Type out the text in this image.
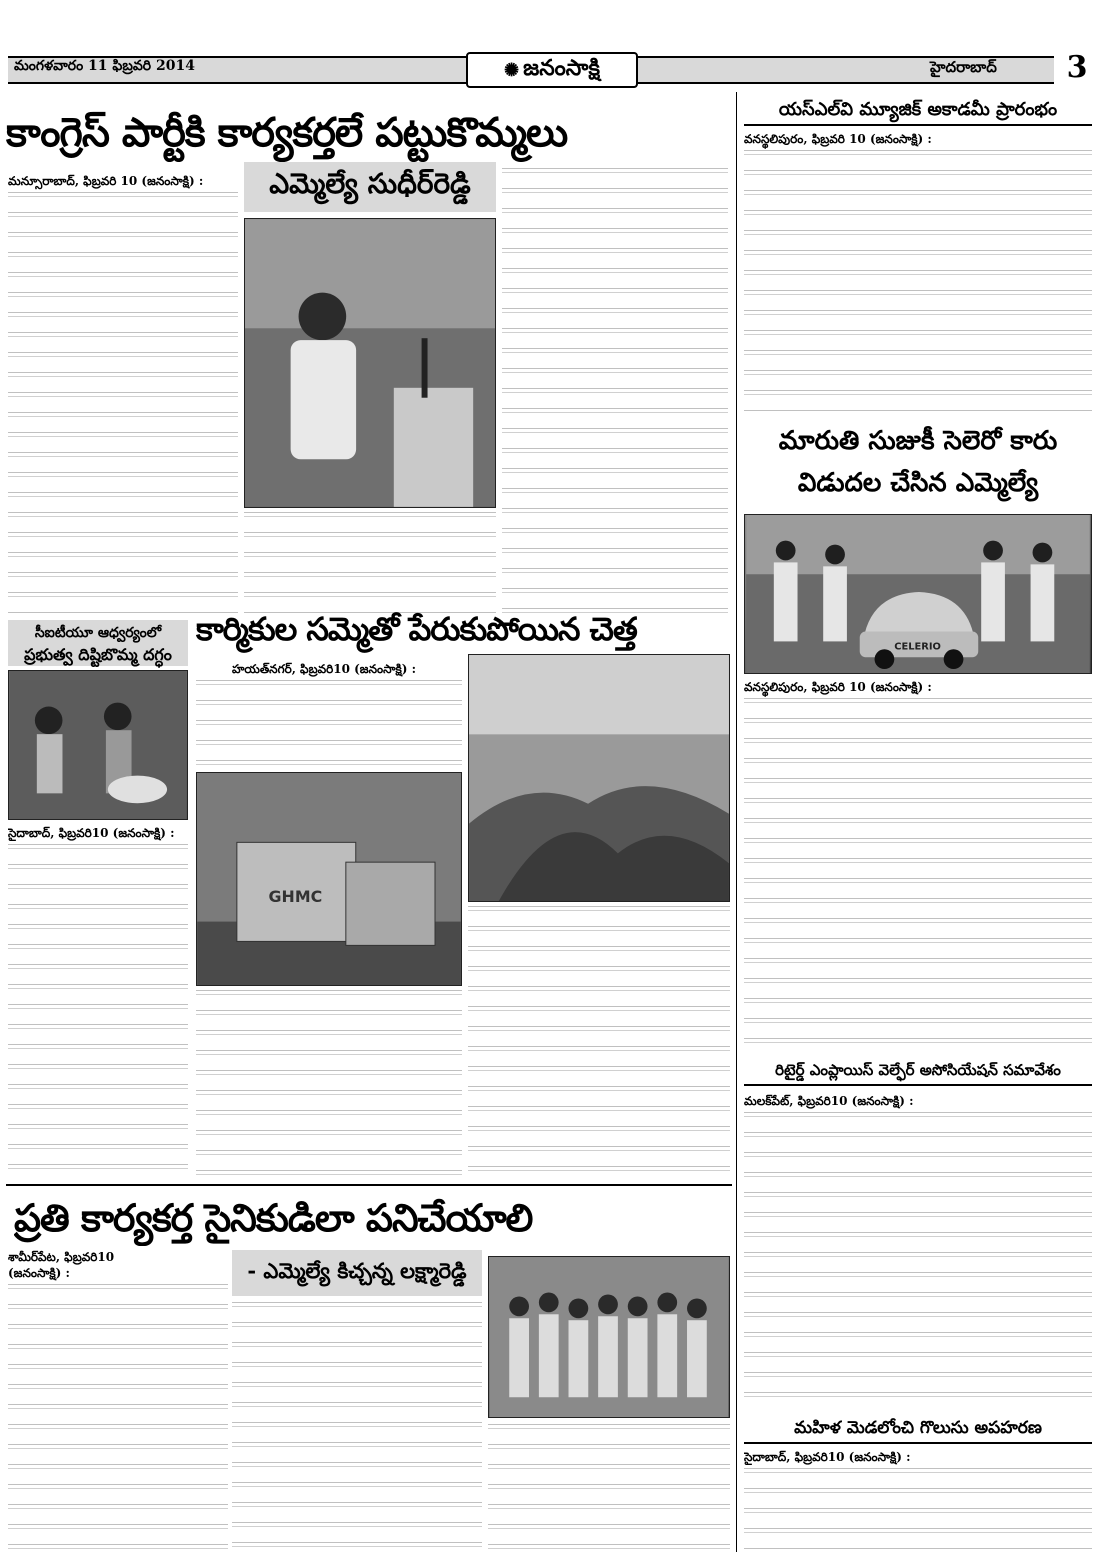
మంగళవారం 11 ఫిబ్రవరి 2014	✺ జనంసాక్షి	హైదరాబాద్ 3
కాంగ్రెస్ పార్టీకి కార్యకర్తలే పట్టుకొమ్మలు
ఎమ్మెల్యే సుధీర్‌రెడ్డి
మన్సూరాబాద్, ఫిబ్రవరి 10 (జనంసాక్షి) :
సీఐటీయూ ఆధ్వర్యంలో
ప్రభుత్వ దిష్టిబొమ్మ దగ్ధం
సైదాబాద్, ఫిబ్రవరి10 (జనంసాక్షి) :
కార్మికుల సమ్మెతో పేరుకుపోయిన చెత్త
హయత్‌నగర్, ఫిబ్రవరి10 (జనంసాక్షి) :
GHMC
ప్రతి కార్యకర్త సైనికుడిలా పనిచేయాలి
శామీర్‌పేట, ఫిబ్రవరి10
(జనంసాక్షి) :	- ఎమ్మెల్యే కిచ్చన్న లక్ష్మారెడ్డి
యస్‌ఎల్‌వి మ్యూజిక్ అకాడమీ ప్రారంభం
వనస్థలిపురం, ఫిబ్రవరి 10 (జనంసాక్షి) :
మారుతి సుజుకీ సెలెరో కారు
విడుదల చేసిన ఎమ్మెల్యే
CELERIO
వనస్థలిపురం, ఫిబ్రవరి 10 (జనంసాక్షి) :
రిటైర్డ్ ఎంప్లాయిస్ వెల్ఫేర్ అసోసియేషన్ సమావేశం
మలక్‌పేట్, ఫిబ్రవరి10 (జనంసాక్షి) :
మహిళ మెడలోంచి గొలుసు అపహరణ
సైదాబాద్, ఫిబ్రవరి10 (జనంసాక్షి) :
